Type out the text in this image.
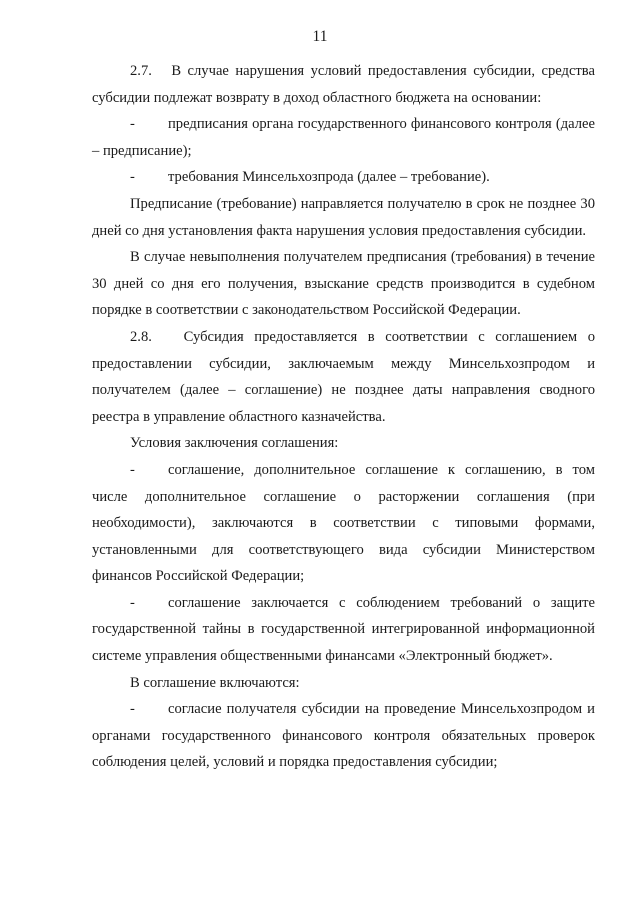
11

2.7.   В случае нарушения условий предоставления субсидии, средства субсидии подлежат возврату в доход областного бюджета на основании:

- предписания органа государственного финансового контроля (далее – предписание);

- требования Минсельхозпрода (далее – требование).

Предписание (требование) направляется получателю в срок не позднее 30 дней со дня установления факта нарушения условия предоставления субсидии.

В случае невыполнения получателем предписания (требования) в течение 30 дней со дня его получения, взыскание средств производится в судебном порядке в соответствии с законодательством Российской Федерации.

2.8.   Субсидия предоставляется в соответствии с соглашением о предоставлении субсидии, заключаемым между Минсельхозпродом и получателем (далее – соглашение) не позднее даты направления сводного реестра в управление областного казначейства.

Условия заключения соглашения:

- соглашение, дополнительное соглашение к соглашению, в том числе дополнительное соглашение о расторжении соглашения (при необходимости), заключаются в соответствии с типовыми формами, установленными для соответствующего вида субсидии Министерством финансов Российской Федерации;

- соглашение заключается с соблюдением требований о защите государственной тайны в государственной интегрированной информационной системе управления общественными финансами «Электронный бюджет».

В соглашение включаются:

- согласие получателя субсидии на проведение Минсельхозпродом и органами государственного финансового контроля обязательных проверок соблюдения целей, условий и порядка предоставления субсидии;
